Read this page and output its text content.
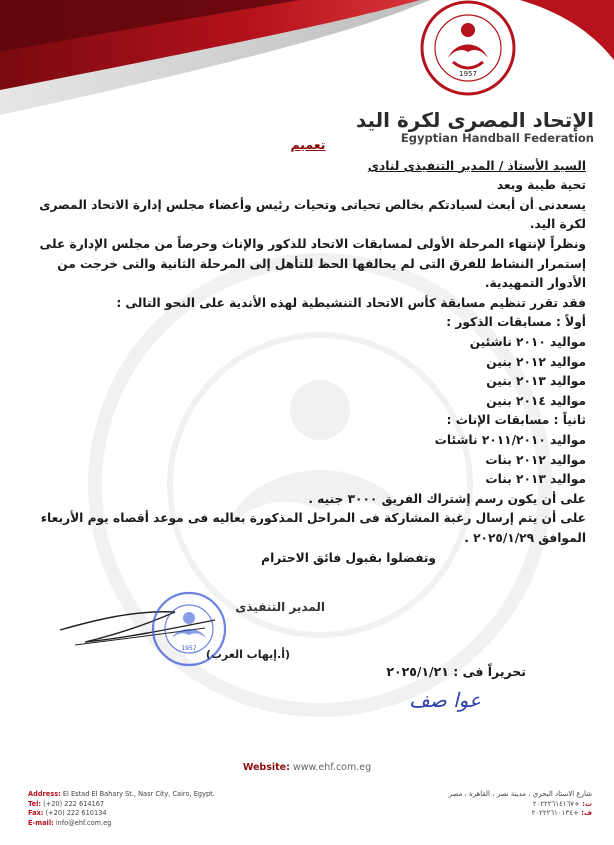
1957
الإتحاد المصرى لكرة اليد
Egyptian Handball Federation

تعميم

السيد الأستاذ / المدير التنفيذى لنادى

تحية طيبة وبعد

يسعدنى أن أبعث لسيادتكم بخالص تحياتى وتحيات رئيس وأعضاء مجلس إدارة الاتحاد المصرى لكرة اليد.

ونظراً لإنتهاء المرحلة الأولى لمسابقات الاتحاد للذكور والإناث وحرصاً من مجلس الإدارة على إستمرار النشاط للفرق التى لم يحالفها الحظ للتأهل إلى المرحلة الثانية والتى خرجت من الأدوار التمهيدية.

فقد تقرر تنظيم مسابقة كأس الاتحاد التنشيطية لهذه الأندية على النحو التالى :

أولاً : مسابقات الذكور :

مواليد ٢٠١٠ ناشئين

مواليد ٢٠١٢ بنين

مواليد ٢٠١٣ بنين

مواليد ٢٠١٤ بنين

ثانياً : مسابقات الإناث :

مواليد ٢٠١١/٢٠١٠ ناشئات

مواليد ٢٠١٢ بنات

مواليد ٢٠١٣ بنات

على أن يكون رسم إشتراك الفريق ٣٠٠٠ جنيه .

على أن يتم إرسال رغبة المشاركة فى المراحل المذكورة بعاليه فى موعد أقصاه يوم الأربعاء الموافق ٢٠٢٥/١/٢٩ .

وتفضلوا بقبول فائق الاحترام

المدير التنفيذى
(أ.إيهاب العرب)
1957
تحريراً فى : ٢٠٢٥/١/٢١
عوا صف
Website: www.ehf.com.eg
Address: El Estad El Bahary St., Nasr City, Cairo, Egypt.
Tel: (+20) 222 614167
Fax: (+20) 222 610134
E-mail: info@ehf.com.eg
شارع الاستاد البحري ، مدينة نصر ، القاهرة ، مصر
ت: +٢٠٢٢٢٦١٤١٦٧
ف: +٢٠٢٢٢٦١٠١٣٤
